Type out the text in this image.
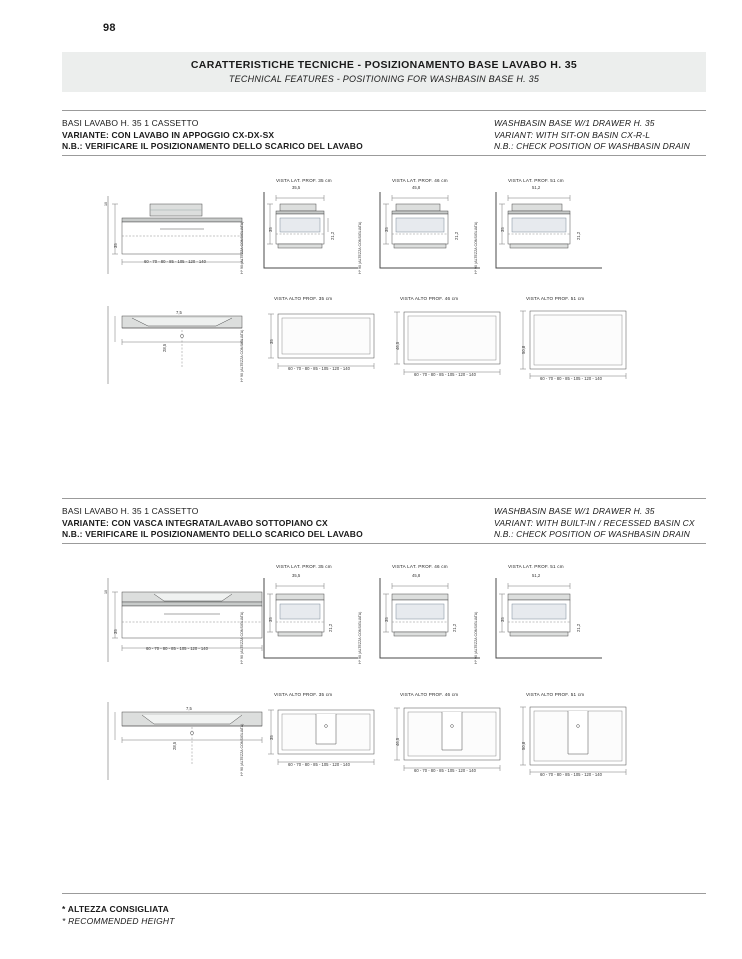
98
CARATTERISTICHE TECNICHE - POSIZIONAMENTO BASE LAVABO H. 35
TECHNICAL FEATURES - POSITIONING FOR WASHBASIN BASE H. 35
BASI LAVABO H. 35 1 CASSETTO
VARIANTE: CON LAVABO IN APPOGGIO CX-DX-SX
N.B.: VERIFICARE IL POSIZIONAMENTO DELLO SCARICO DEL LAVABO
WASHBASIN BASE W/1 DRAWER H. 35
VARIANT: WITH SIT-ON BASIN CX-R-L
N.B.: CHECK POSITION OF WASHBASIN DRAIN
60 - 70 - 80 - 85 - 105 - 120 - 140
35
10
H* 90 (ALTEZZA CONSIGLIATA)
VISTA LAT. PROF. 35 cm
35,5
35
21,2	H* 90 (ALTEZZA CONSIGLIATA)
VISTA LAT. PROF. 46 cm
45,8
35
21,2	H* 90 (ALTEZZA CONSIGLIATA)
VISTA LAT. PROF. 51 cm
51,2
35
21,2
7,5
28,5	H* 90 (ALTEZZA CONSIGLIATA)
VISTA ALTO PROF. 35 cm
60 - 70 - 80 - 85 - 105 - 120 - 140
35
VISTA ALTO PROF. 46 cm
60 - 70 - 80 - 85 - 105 - 120 - 140
46,5
VISTA ALTO PROF. 51 cm
60 - 70 - 80 - 85 - 105 - 120 - 140
50,8
BASI LAVABO H. 35 1 CASSETTO
VARIANTE: CON VASCA INTEGRATA/LAVABO SOTTOPIANO CX
N.B.: VERIFICARE IL POSIZIONAMENTO DELLO SCARICO DEL LAVABO
WASHBASIN BASE W/1 DRAWER H. 35
VARIANT: WITH BUILT-IN / RECESSED BASIN CX
N.B.: CHECK POSITION OF WASHBASIN DRAIN
60 - 70 - 80 - 85 - 105 - 120 - 140
35
10
H* 90 (ALTEZZA CONSIGLIATA)
VISTA LAT. PROF. 35 cm
35,5
35
21,2	H* 90 (ALTEZZA CONSIGLIATA)
VISTA LAT. PROF. 46 cm
45,8
35
21,2	H* 90 (ALTEZZA CONSIGLIATA)
VISTA LAT. PROF. 51 cm
51,2
35
21,2
7,5
28,5	H* 90 (ALTEZZA CONSIGLIATA)
VISTA ALTO PROF. 35 cm
60 - 70 - 80 - 85 - 105 - 120 - 140
35
VISTA ALTO PROF. 46 cm
60 - 70 - 80 - 85 - 105 - 120 - 140
46,5
VISTA ALTO PROF. 51 cm
60 - 70 - 80 - 85 - 105 - 120 - 140
50,8
* ALTEZZA CONSIGLIATA
* RECOMMENDED HEIGHT
